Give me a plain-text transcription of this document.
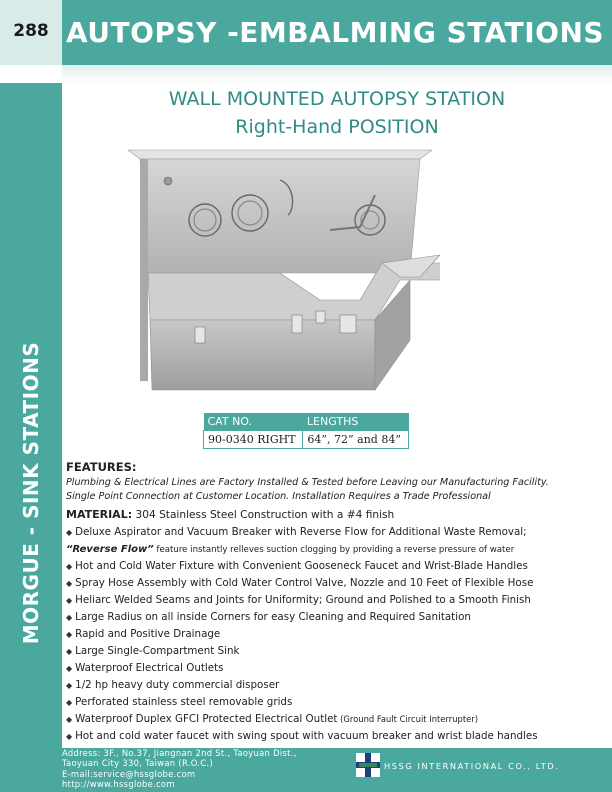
288 AUTOPSY -EMBALMING STATIONS
MORGUE - SINK STATIONS
WALL MOUNTED AUTOPSY STATION
Right-Hand POSITION
CAT NO.	LENGTHS
90-0340 RIGHT	64”, 72” and 84”
FEATURES:
Plumbing & Electrical Lines are Factory Installed & Tested before Leaving our Manufacturing Facility.
Single Point Connection at Customer Location. Installation Requires a Trade Professional
MATERIAL: 304 Stainless Steel Construction with a #4 finish
◆ Deluxe Aspirator and Vacuum Breaker with Reverse Flow for Additional Waste Removal;
“Reverse Flow” feature instantly relleves suction clogging by providing a reverse pressure of water
◆ Hot and Cold Water Fixture with Convenient Gooseneck Faucet and Wrist-Blade Handles
◆ Spray Hose Assembly with Cold Water Control Valve, Nozzle and 10 Feet of Flexible Hose
◆ Heliarc Welded Seams and Joints for Uniformity; Ground and Polished to a Smooth Finish
◆ Large Radius on all inside Corners for easy Cleaning and Required Sanitation
◆ Rapid and Positive Drainage
◆ Large Single-Compartment Sink
◆ Waterproof Electrical Outlets
◆ 1/2 hp heavy duty commercial disposer
◆ Perforated stainless steel removable grids
◆ Waterproof Duplex GFCI Protected Electrical Outlet (Ground Fault Circuit Interrupter)
◆ Hot and cold water faucet with swing spout with vacuum breaker and wrist blade handles
Address: 3F., No.37, Jiangnan 2nd St., Taoyuan Dist.,
Taoyuan City 330, Taiwan (R.O.C.)
E-mail:service@hssglobe.com
http://www.hssglobe.com
HSSG INTERNATIONAL CO., LTD.
